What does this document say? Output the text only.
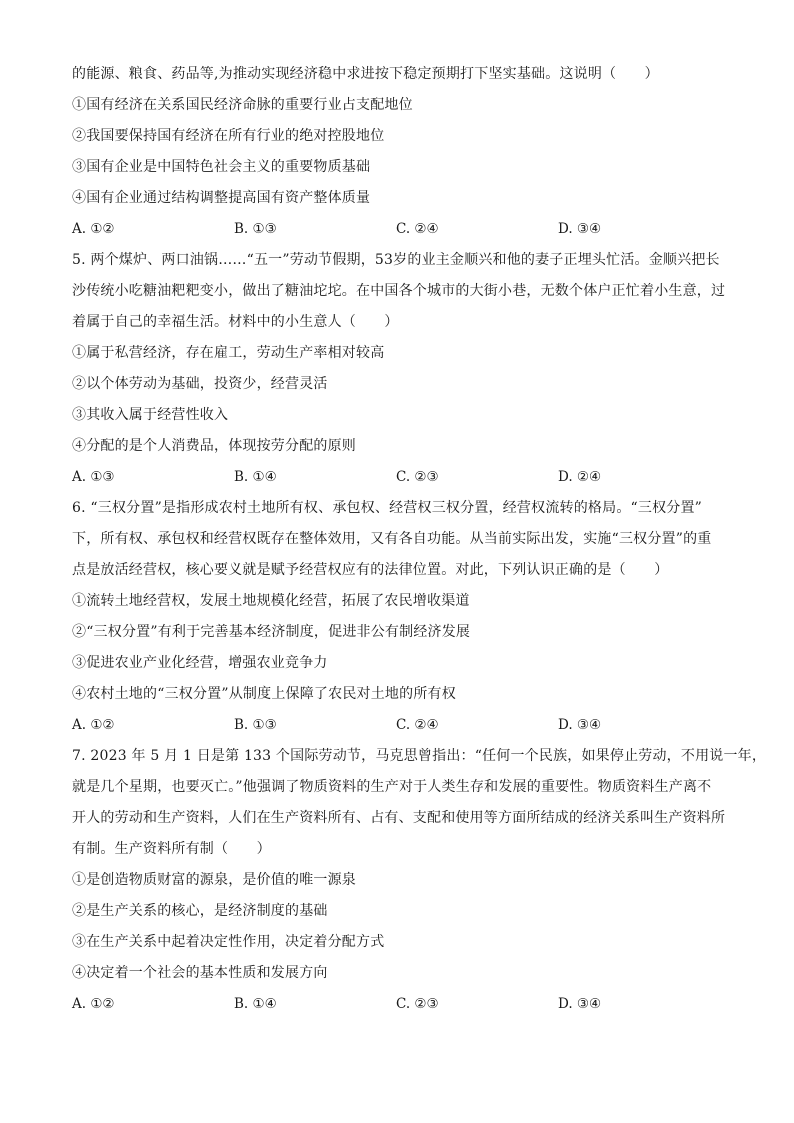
的能源、粮食、药品等,为推动实现经济稳中求进按下稳定预期打下坚实基础。这说明（　　）
①国有经济在关系国民经济命脉的重要行业占支配地位
②我国要保持国有经济在所有行业的绝对控股地位
③国有企业是中国特色社会主义的重要物质基础
④国有企业通过结构调整提高国有资产整体质量
A. ①②	B. ①③	C. ②④	D. ③④
5. 两个煤炉、两口油锅……“五一”劳动节假期，53岁的业主金顺兴和他的妻子正埋头忙活。金顺兴把长
沙传统小吃糖油粑粑变小，做出了糖油坨坨。在中国各个城市的大街小巷，无数个体户正忙着小生意，过
着属于自己的幸福生活。材料中的小生意人（　　）
①属于私营经济，存在雇工，劳动生产率相对较高
②以个体劳动为基础，投资少，经营灵活
③其收入属于经营性收入
④分配的是个人消费品，体现按劳分配的原则
A. ①③	B. ①④	C. ②③	D. ②④
6. “三权分置”是指形成农村土地所有权、承包权、经营权三权分置，经营权流转的格局。“三权分置”
下，所有权、承包权和经营权既存在整体效用，又有各自功能。从当前实际出发，实施“三权分置”的重
点是放活经营权，核心要义就是赋予经营权应有的法律位置。对此，下列认识正确的是（　　）
①流转土地经营权，发展土地规模化经营，拓展了农民增收渠道
②“三权分置”有利于完善基本经济制度，促进非公有制经济发展
③促进农业产业化经营，增强农业竞争力
④农村土地的“三权分置”从制度上保障了农民对土地的所有权
A. ①②	B. ①③	C. ②④	D. ③④
7. 2023 年 5 月 1 日是第 133 个国际劳动节，马克思曾指出：“任何一个民族，如果停止劳动，不用说一年，
就是几个星期，也要灭亡。”他强调了物质资料的生产对于人类生存和发展的重要性。物质资料生产离不
开人的劳动和生产资料，人们在生产资料所有、占有、支配和使用等方面所结成的经济关系叫生产资料所
有制。生产资料所有制（　　）
①是创造物质财富的源泉，是价值的唯一源泉
②是生产关系的核心，是经济制度的基础
③在生产关系中起着决定性作用，决定着分配方式
④决定着一个社会的基本性质和发展方向
A. ①②	B. ①④	C. ②③	D. ③④
